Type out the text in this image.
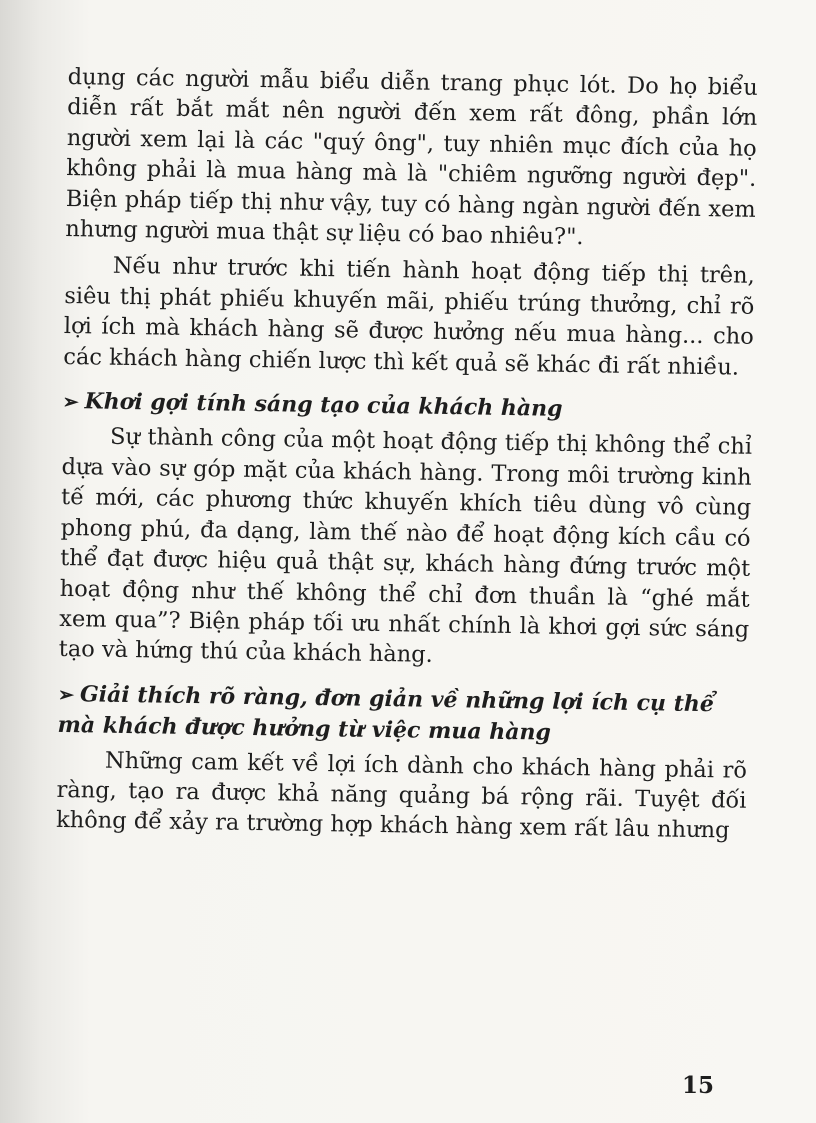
dụng các người mẫu biểu diễn trang phục lót. Do họ biểu diễn rất bắt mắt nên người đến xem rất đông, phần lớn người xem lại là các "quý ông", tuy nhiên mục đích của họ không phải là mua hàng mà là "chiêm ngưỡng người đẹp". Biện pháp tiếp thị như vậy, tuy có hàng ngàn người đến xem nhưng người mua thật sự liệu có bao nhiêu?".

Nếu như trước khi tiến hành hoạt động tiếp thị trên, siêu thị phát phiếu khuyến mãi, phiếu trúng thưởng, chỉ rõ lợi ích mà khách hàng sẽ được hưởng nếu mua hàng... cho các khách hàng chiến lược thì kết quả sẽ khác đi rất nhiều.

➢ Khơi gợi tính sáng tạo của khách hàng

Sự thành công của một hoạt động tiếp thị không thể chỉ dựa vào sự góp mặt của khách hàng. Trong môi trường kinh tế mới, các phương thức khuyến khích tiêu dùng vô cùng phong phú, đa dạng, làm thế nào để hoạt động kích cầu có thể đạt được hiệu quả thật sự, khách hàng đứng trước một hoạt động như thế không thể chỉ đơn thuần là “ghé mắt xem qua”? Biện pháp tối ưu nhất chính là khơi gợi sức sáng tạo và hứng thú của khách hàng.

➢ Giải thích rõ ràng, đơn giản về những lợi ích cụ thể mà khách được hưởng từ việc mua hàng

Những cam kết về lợi ích dành cho khách hàng phải rõ ràng, tạo ra được khả năng quảng bá rộng rãi. Tuyệt đối không để xảy ra trường hợp khách hàng xem rất lâu nhưng

15
